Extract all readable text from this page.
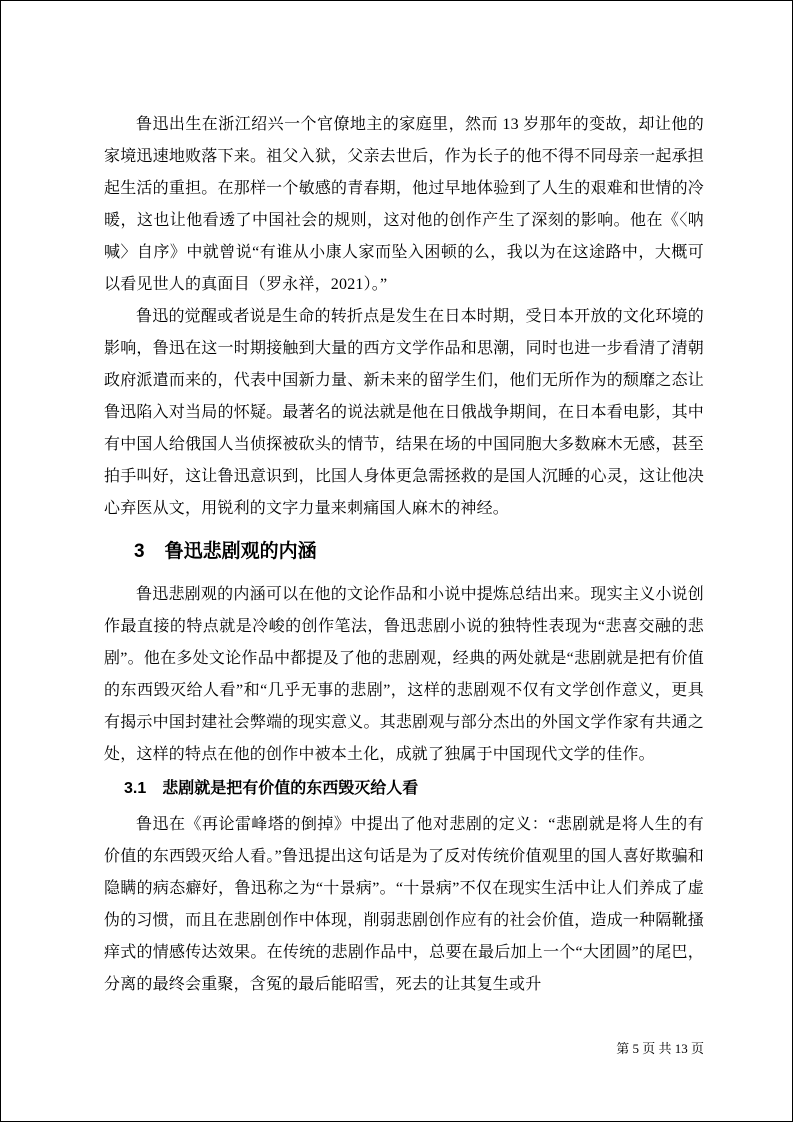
鲁迅出生在浙江绍兴一个官僚地主的家庭里，然而 13 岁那年的变故，却让他的家境迅速地败落下来。祖父入狱，父亲去世后，作为长子的他不得不同母亲一起承担起生活的重担。在那样一个敏感的青春期，他过早地体验到了人生的艰难和世情的冷暖，这也让他看透了中国社会的规则，这对他的创作产生了深刻的影响。他在《〈呐喊〉自序》中就曾说“有谁从小康人家而坠入困顿的么，我以为在这途路中，大概可以看见世人的真面目（罗永祥，2021）。”

鲁迅的觉醒或者说是生命的转折点是发生在日本时期，受日本开放的文化环境的影响，鲁迅在这一时期接触到大量的西方文学作品和思潮，同时也进一步看清了清朝政府派遣而来的，代表中国新力量、新未来的留学生们，他们无所作为的颓靡之态让鲁迅陷入对当局的怀疑。最著名的说法就是他在日俄战争期间，在日本看电影，其中有中国人给俄国人当侦探被砍头的情节，结果在场的中国同胞大多数麻木无感，甚至拍手叫好，这让鲁迅意识到，比国人身体更急需拯救的是国人沉睡的心灵，这让他决心弃医从文，用锐利的文字力量来刺痛国人麻木的神经。

3 鲁迅悲剧观的内涵

鲁迅悲剧观的内涵可以在他的文论作品和小说中提炼总结出来。现实主义小说创作最直接的特点就是冷峻的创作笔法，鲁迅悲剧小说的独特性表现为“悲喜交融的悲剧”。他在多处文论作品中都提及了他的悲剧观，经典的两处就是“悲剧就是把有价值的东西毁灭给人看”和“几乎无事的悲剧”，这样的悲剧观不仅有文学创作意义，更具有揭示中国封建社会弊端的现实意义。其悲剧观与部分杰出的外国文学作家有共通之处，这样的特点在他的创作中被本土化，成就了独属于中国现代文学的佳作。

3.1 悲剧就是把有价值的东西毁灭给人看

鲁迅在《再论雷峰塔的倒掉》中提出了他对悲剧的定义：“悲剧就是将人生的有价值的东西毁灭给人看。”鲁迅提出这句话是为了反对传统价值观里的国人喜好欺骗和隐瞒的病态癖好，鲁迅称之为“十景病”。“十景病”不仅在现实生活中让人们养成了虚伪的习惯，而且在悲剧创作中体现，削弱悲剧创作应有的社会价值，造成一种隔靴搔痒式的情感传达效果。在传统的悲剧作品中，总要在最后加上一个“大团圆”的尾巴，分离的最终会重聚，含冤的最后能昭雪，死去的让其复生或升

第 5 页 共 13 页
